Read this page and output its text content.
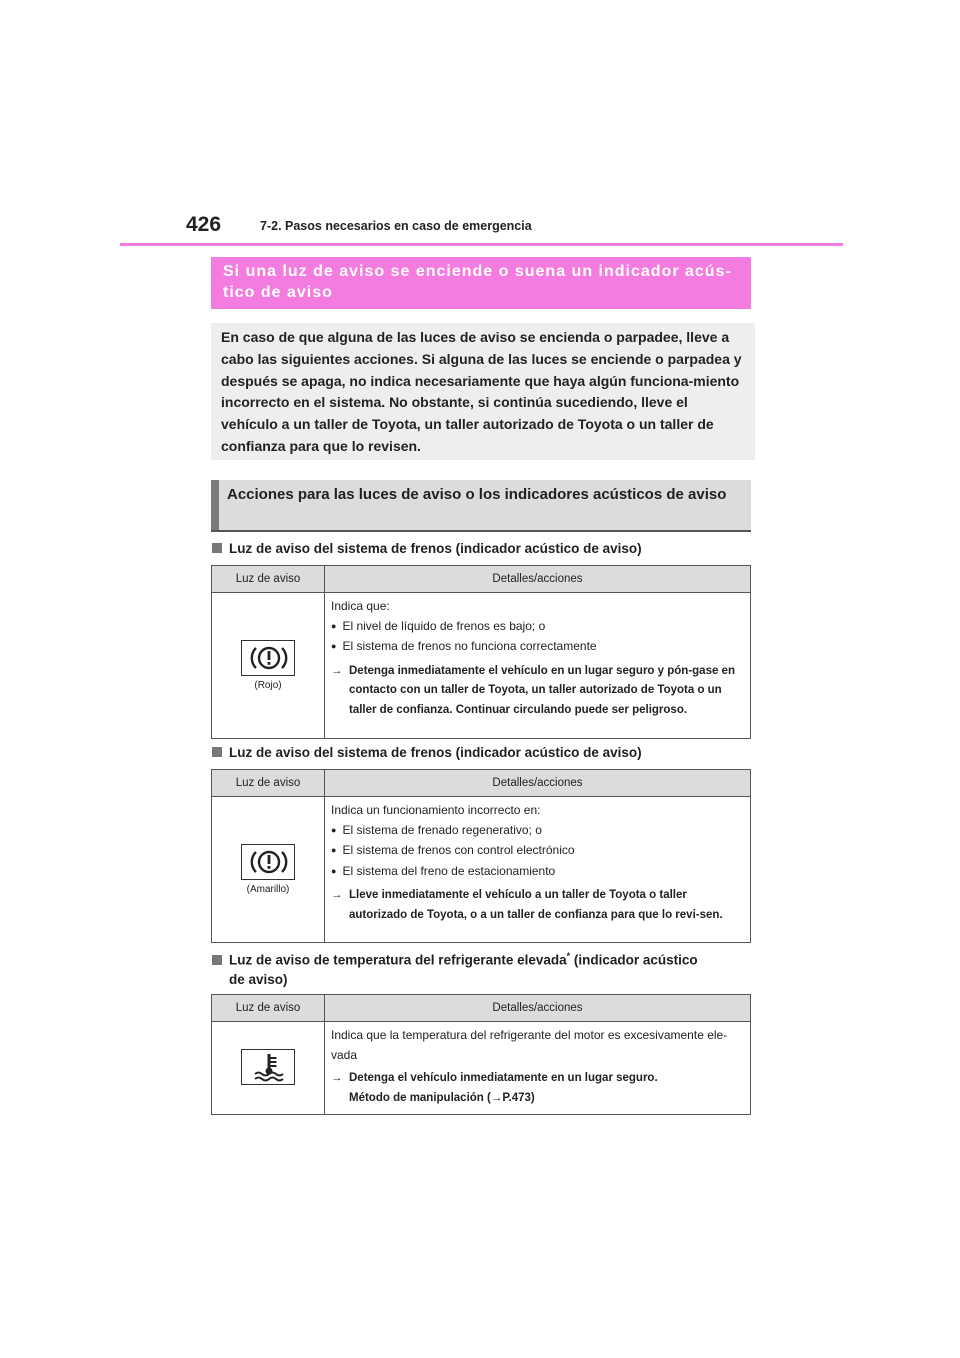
426	7-2. Pasos necesarios en caso de emergencia
Si una luz de aviso se enciende o suena un indicador acús-tico de aviso
En caso de que alguna de las luces de aviso se encienda o parpadee, lleve a cabo las siguientes acciones. Si alguna de las luces se enciende o parpadea y después se apaga, no indica necesariamente que haya algún funciona-miento incorrecto en el sistema. No obstante, si continúa sucediendo, lleve el vehículo a un taller de Toyota, un taller autorizado de Toyota o un taller de confianza para que lo revisen.
Acciones para las luces de aviso o los indicadores acústicos de aviso
Luz de aviso del sistema de frenos (indicador acústico de aviso)
Luz de aviso	Detalles/acciones

(Rojo)	Indica que:
● El nivel de líquido de frenos es bajo; o
● El sistema de frenos no funciona correctamente
→ Detenga inmediatamente el vehículo en un lugar seguro y pón-gase en contacto con un taller de Toyota, un taller autorizado de Toyota o un taller de confianza. Continuar circulando puede ser peligroso.
Luz de aviso del sistema de frenos (indicador acústico de aviso)
Luz de aviso	Detalles/acciones

(Amarillo)	Indica un funcionamiento incorrecto en:
● El sistema de frenado regenerativo; o
● El sistema de frenos con control electrónico
● El sistema del freno de estacionamiento
→ Lleve inmediatamente el vehículo a un taller de Toyota o taller autorizado de Toyota, o a un taller de confianza para que lo revi-sen.
Luz de aviso de temperatura del refrigerante elevada* (indicador acústico
de aviso)
Luz de aviso	Detalles/acciones

Indica que la temperatura del refrigerante del motor es excesivamente ele-vada
→ Detenga el vehículo inmediatamente en un lugar seguro.
Método de manipulación (→P.473)
